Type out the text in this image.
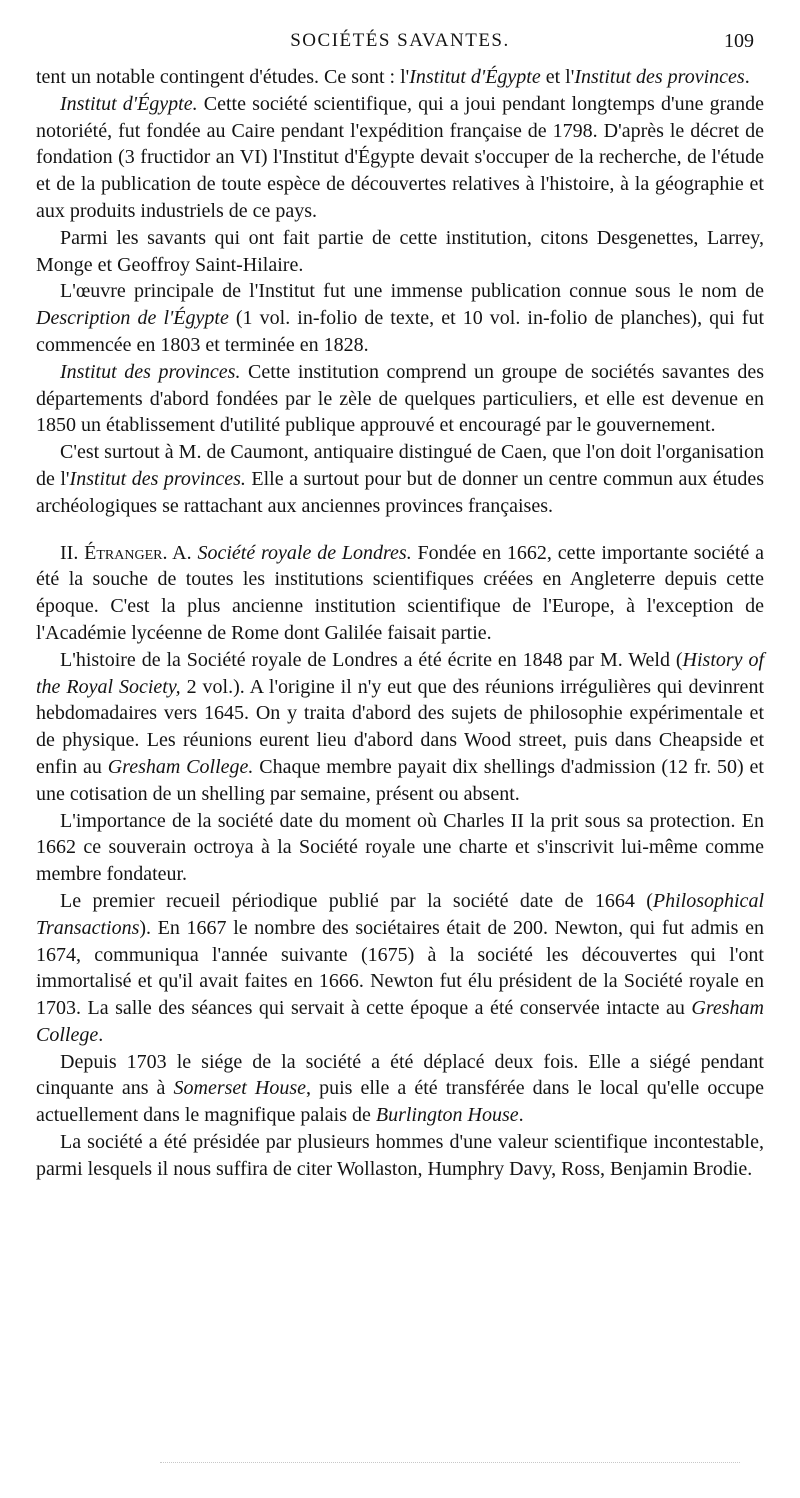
SOCIÉTÉS SAVANTES.	109

tent un notable contingent d'études. Ce sont : l'Institut d'Égypte et l'Institut des provinces.

Institut d'Égypte. Cette société scientifique, qui a joui pendant longtemps d'une grande notoriété, fut fondée au Caire pendant l'expédition française de 1798. D'après le décret de fondation (3 fructidor an VI) l'Institut d'Égypte devait s'occuper de la recherche, de l'étude et de la publication de toute espèce de découvertes relatives à l'histoire, à la géographie et aux produits industriels de ce pays.

Parmi les savants qui ont fait partie de cette institution, citons Desgenettes, Larrey, Monge et Geoffroy Saint-Hilaire.

L'œuvre principale de l'Institut fut une immense publication connue sous le nom de Description de l'Égypte (1 vol. in-folio de texte, et 10 vol. in-folio de planches), qui fut commencée en 1803 et terminée en 1828.

Institut des provinces. Cette institution comprend un groupe de sociétés savantes des départements d'abord fondées par le zèle de quelques particuliers, et elle est devenue en 1850 un établissement d'utilité publique approuvé et encouragé par le gouvernement.

C'est surtout à M. de Caumont, antiquaire distingué de Caen, que l'on doit l'organisation de l'Institut des provinces. Elle a surtout pour but de donner un centre commun aux études archéologiques se rattachant aux anciennes provinces françaises.

II. Étranger. A. Société royale de Londres. Fondée en 1662, cette importante société a été la souche de toutes les institutions scientifiques créées en Angleterre depuis cette époque. C'est la plus ancienne institution scientifique de l'Europe, à l'exception de l'Académie lycéenne de Rome dont Galilée faisait partie.

L'histoire de la Société royale de Londres a été écrite en 1848 par M. Weld (History of the Royal Society, 2 vol.). A l'origine il n'y eut que des réunions irrégulières qui devinrent hebdomadaires vers 1645. On y traita d'abord des sujets de philosophie expérimentale et de physique. Les réunions eurent lieu d'abord dans Wood street, puis dans Cheapside et enfin au Gresham College. Chaque membre payait dix shellings d'admission (12 fr. 50) et une cotisation de un shelling par semaine, présent ou absent.

L'importance de la société date du moment où Charles II la prit sous sa protection. En 1662 ce souverain octroya à la Société royale une charte et s'inscrivit lui-même comme membre fondateur.

Le premier recueil périodique publié par la société date de 1664 (Philosophical Transactions). En 1667 le nombre des sociétaires était de 200. Newton, qui fut admis en 1674, communiqua l'année suivante (1675) à la société les découvertes qui l'ont immortalisé et qu'il avait faites en 1666. Newton fut élu président de la Société royale en 1703. La salle des séances qui servait à cette époque a été conservée intacte au Gresham College.

Depuis 1703 le siége de la société a été déplacé deux fois. Elle a siégé pendant cinquante ans à Somerset House, puis elle a été transférée dans le local qu'elle occupe actuellement dans le magnifique palais de Burlington House.

La société a été présidée par plusieurs hommes d'une valeur scientifique incontestable, parmi lesquels il nous suffira de citer Wollaston, Humphry Davy, Ross, Benjamin Brodie.
